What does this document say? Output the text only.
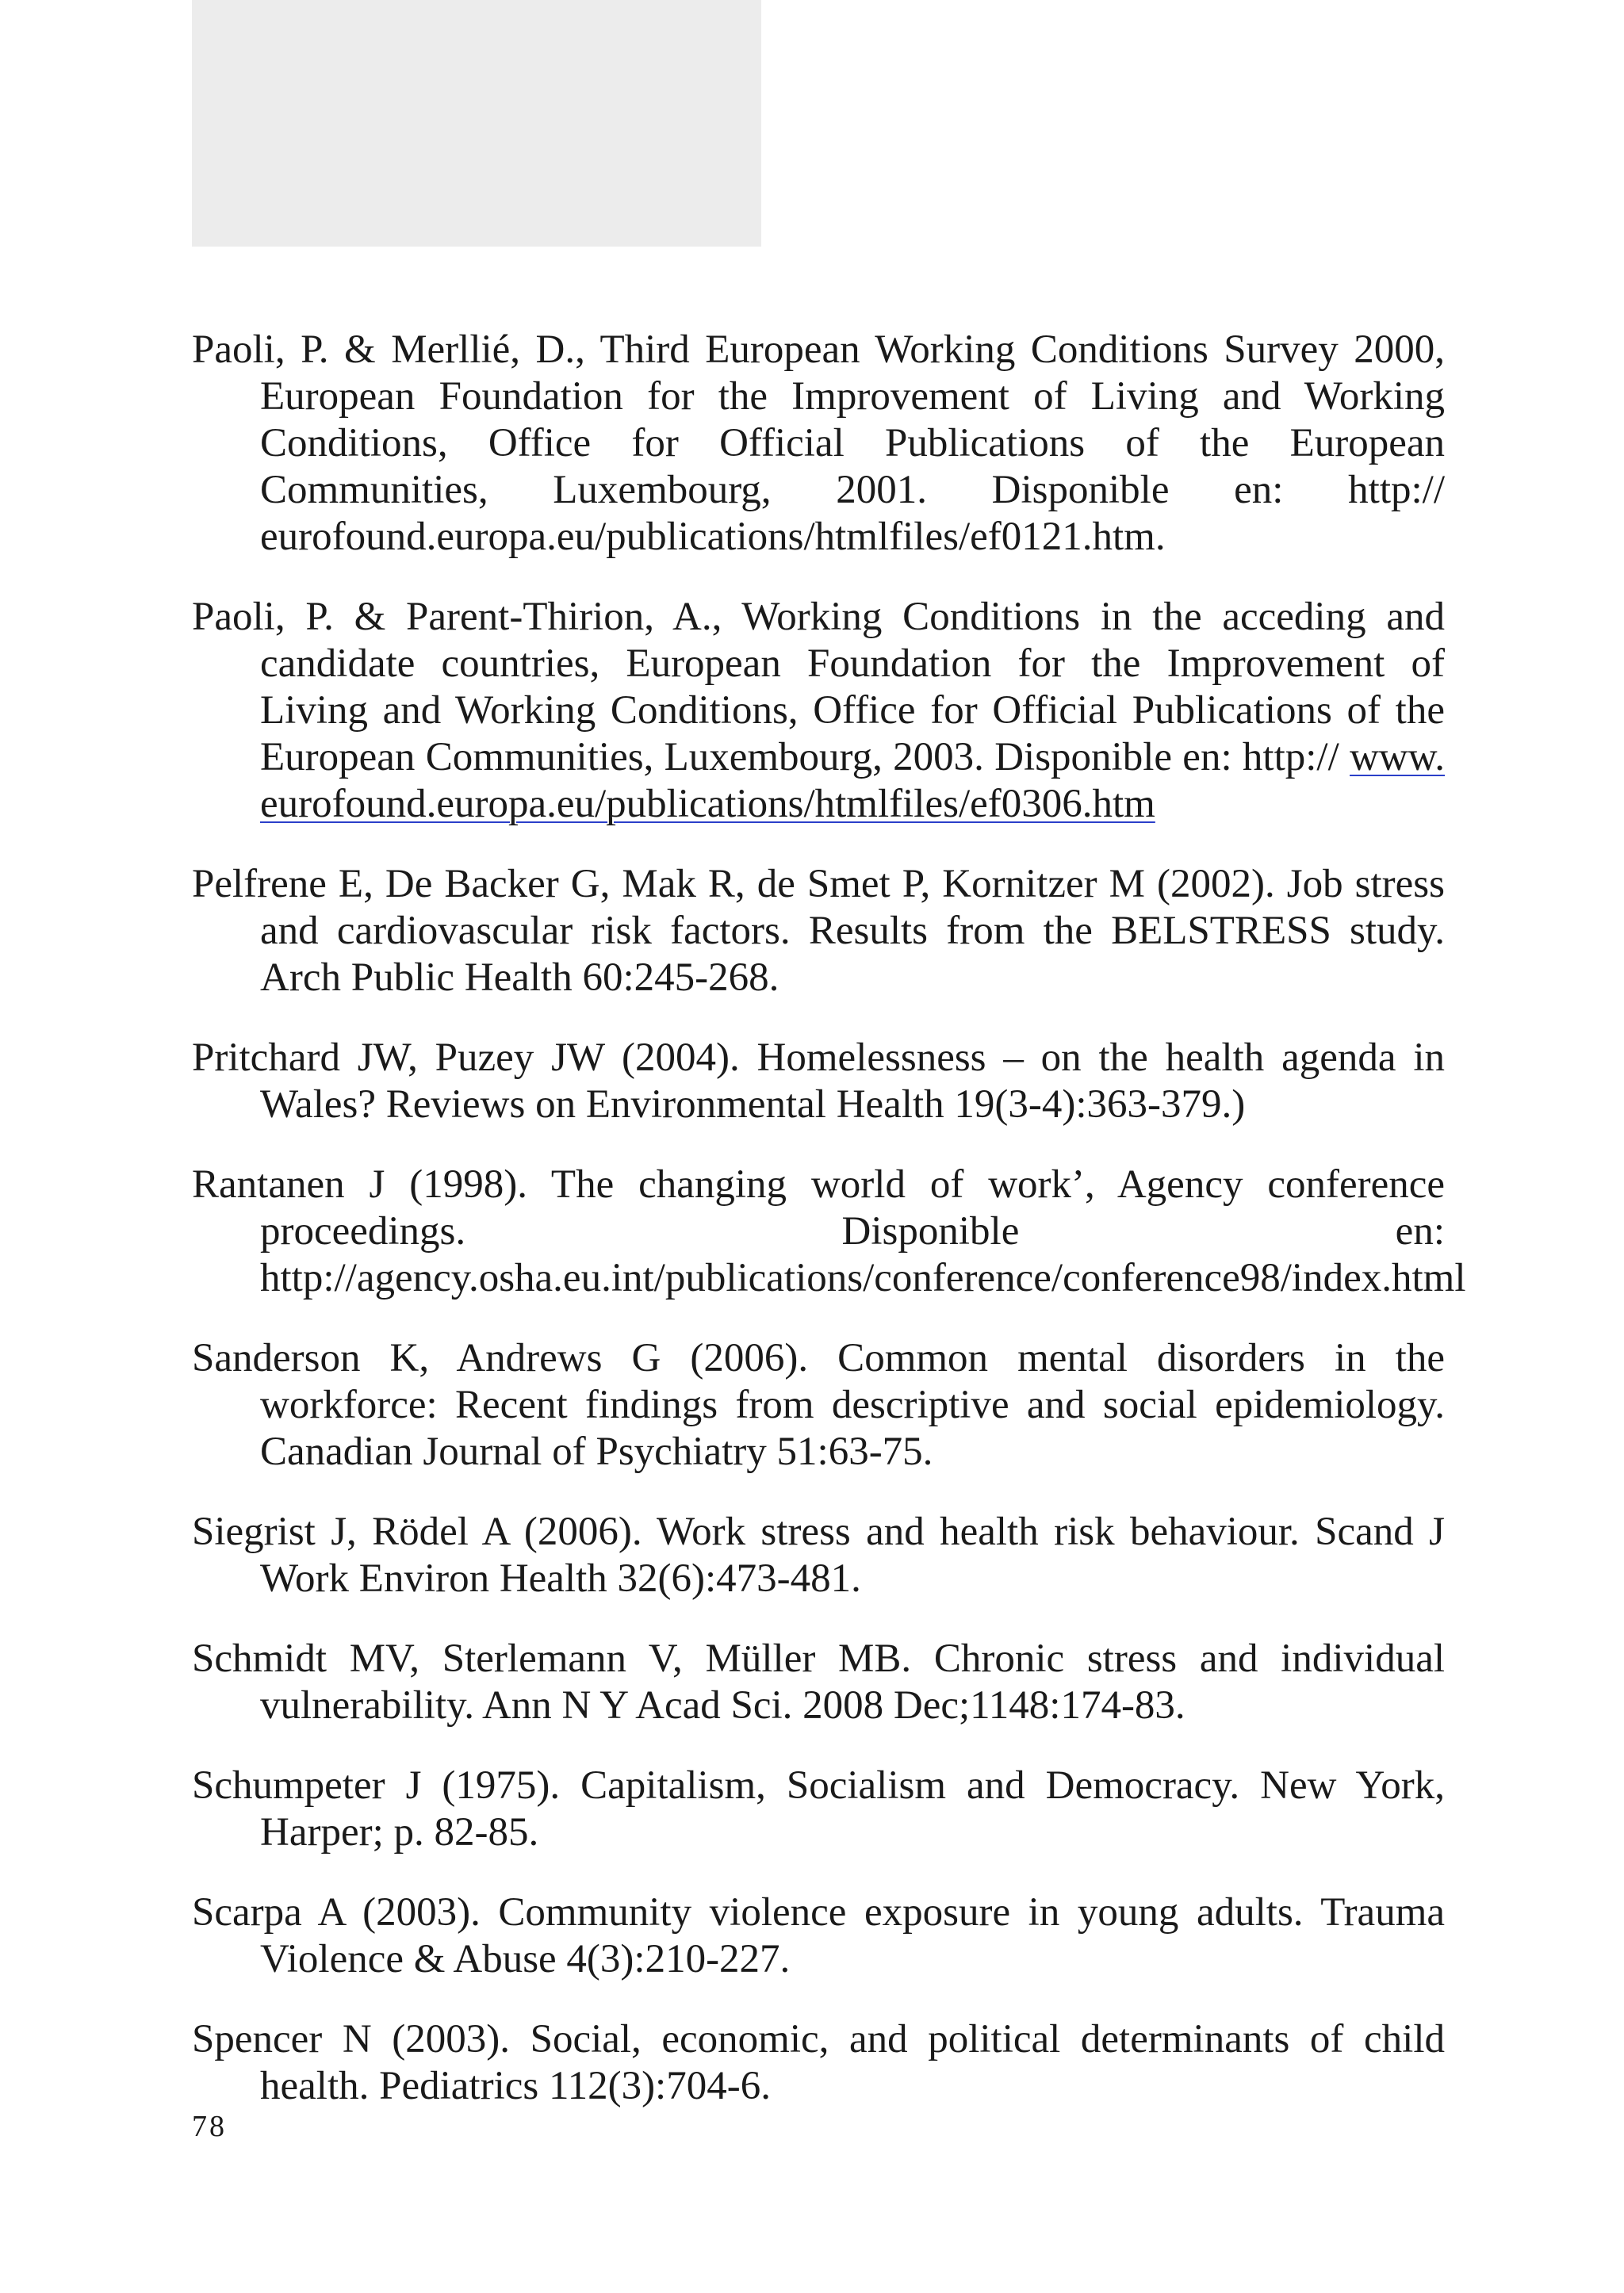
Paoli, P. & Merllié, D., Third European Working Conditions Survey 2000, European Foundation for the Improvement of Living and Working Conditions, Office for Official Publications of the European Communities, Luxembourg, 2001. Disponible en: http:// eurofound.europa.eu/publications/htmlfiles/ef0121.htm.
Paoli, P. & Parent-Thirion, A., Working Conditions in the acceding and candidate countries, European Foundation for the Improvement of Living and Working Conditions, Office for Official Publications of the European Communities, Luxembourg, 2003. Disponible en: http:// www.eurofound.europa.eu/publications/htmlfiles/ef0306.htm
Pelfrene E, De Backer G, Mak R, de Smet P, Kornitzer M (2002). Job stress and cardiovascular risk factors. Results from the BELSTRESS study. Arch Public Health 60:245-268.
Pritchard JW, Puzey JW (2004). Homelessness – on the health agenda in Wales? Reviews on Environmental Health 19(3-4):363-379.)
Rantanen J (1998). The changing world of work’, Agency conference proceedings. Disponible en: http://agency.osha.eu.int/publications/conference/conference98/index.html
Sanderson K, Andrews G (2006). Common mental disorders in the workforce: Recent findings from descriptive and social epidemiology. Canadian Journal of Psychiatry 51:63-75.
Siegrist J, Rödel A (2006). Work stress and health risk behaviour. Scand J Work Environ Health 32(6):473-481.
Schmidt MV, Sterlemann V, Müller MB. Chronic stress and individual vulnerability. Ann N Y Acad Sci. 2008 Dec;1148:174-83.
Schumpeter J (1975). Capitalism, Socialism and Democracy. New York, Harper; p. 82-85.
Scarpa A (2003). Community violence exposure in young adults. Trauma Violence & Abuse 4(3):210-227.
Spencer N (2003). Social, economic, and political determinants of child health. Pediatrics 112(3):704-6.
78
